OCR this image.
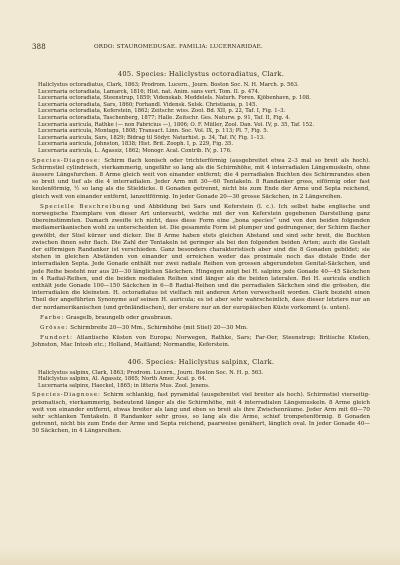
388	ORDO: STAUROMEDUSAE. FAMILIA: LUCERNARIDAE.
405. Species: Haliclystus octoradiatus, Clark.
Haliclystus octoradiatus, Clark, 1863; Prodrom. Lucern., Journ. Boston Soc. N. H. March. p. 563.
Lucernaria octoradiata, Lamarck, 1816; Hist. nat. Anim. sans vert. Tom. II. p. 474.
Lucernaria octoradiata, Steenstrup, 1859; Videnskab. Meddelels. Naturh. Foren. Kjöbenhavn, p. 108.
Lucernaria octoradiata, Sars, 1860; Forhandl. Vidensk. Selsk. Christiania, p. 145.
Lucernaria octoradiata, Keferstein, 1862; Zeitschr. wiss. Zool. Bd. XII, p. 22, Taf. I, Fig. 1–3.
Lucernaria octoradiata, Taschenberg, 1877; Halle. Zeitschr. Ges. Naturw. p. 91, Taf. II, Fig. 4.
Lucernaria auricula, Rathke (— non Fabricius —), 1806; O. F. Müller, Zool. Dan. Vol. IV, p. 35, Taf. 152.
Lucernaria auricula, Montagu, 1808; Transact. Linn. Soc. Vol. IX, p. 113; Pl. 7, Fig. 5.
Lucernaria auricula, Sars, 1829; Bidrag til Södyr. Naturhist. p. 34, Taf. IV, Fig. 1–13.
Lucernaria auricula, Johnston, 1838; Hist. Brit. Zooph. I, p. 229, Fig. 35.
Lucernaria auricula, L. Agassiz, 1862; Monogr. Acal. Contrib. IV, p. 176.

Species-Diagnose: Schirm flach konisch oder trichterförmig (ausgebreitet etwa 2–3 mal so breit als hoch). Schirmstiel cylindrisch, vierkammerig, ungefähr so lang als die Schirmhöhe, mit 4 interradialen Längsmuskeln, ohne äussere Längsfurchen. 8 Arme gleich weit von einander entfernt; die 4 perradialen Buchten des Schirmrandes eben so breit und tief als die 4 interradialen. Jeder Arm mit 30—60 Tentakeln. 8 Randanker gross, eiförmig oder fast keulenförmig, ½ so lang als die Stieldicke. 8 Gonaden getrennt, nicht bis zum Ende der Arme und Septa reichend, gleich weit von einander entfernt, lanzettförmig. In jeder Gonade 20—30 grosse Säckchen, in 2 Längsreihen.

Specielle Beschreibung und Abbildung bei Sars und Keferstein (l. c.). Ich selbst habe englische und norwegische Exemplare von dieser Art untersucht, welche mit der von Keferstein gegebenen Darstellung ganz übereinstimmten. Damach zweifle ich nicht, dass diese Form eine „bona species“ und von den beiden folgenden mediamerikanischen wohl zu unterscheiden ist. Die gesammte Form ist plumper und gedrungener, der Schirm flacher gewölbt, der Stiel kürzer und dicker. Die 8 Arme haben stets gleichen Abstand und sind sehr breit, die Buchten zwischen ihnen sehr flach. Die Zahl der Tentakeln ist geringer als bei den folgenden beiden Arten; auch die Gestalt der eiförmigen Randanker ist verschieden. Ganz besonders charakteristisch aber sind die 8 Gonaden gebildet; sie stehen in gleichen Abständen von einander und erreichen weder das proximale noch das distale Ende der interradialen Septa. Jede Gonade enthält nur zwei radiale Reihen von grossen abgerundeten Genital-Säckchen, und jede Reihe besteht nur aus 20—30 länglichen Säckchen. Hingegen zeigt bei H. salpinx jede Gonade 40—45 Säckchen in 4 Radial-Reihen, und die beiden medialen Reihen sind länger als die beiden lateralen. Bei H. auricula endlich enthält jede Gonade 100—150 Säckchen in 6—8 Radial-Reihen und die perradialen Säckchen sind die grössten, die interradialen die kleinsten. H. octoradiatus ist vielfach mit anderen Arten verwechselt worden. Clark bezieht einen Theil der angeführten Synonyme auf seinen H. auricula; es ist aber sehr wahrscheinlich, dass dieser letztere nur an der nordamerikanischen (und grönländischen), der erstere nur an der europäischen Küste vorkommt (s. unten).

Farbe: Grasgelb, braungelb oder graubraun.

Grösse: Schirmbreite 20—30 Mm., Schirmhöhe (mit Stiel) 20—30 Mm.

Fundort: Atlantische Küsten von Europa; Norwegen, Rathke, Sars; Far-Oer, Steenstrup; Britische Küsten, Johnston, Mac Intosh etc.; Holland, Maitland; Normandie, Keferstein.

406. Species: Haliclystus salpinx, Clark.
Haliclystus salpinx, Clark, 1863; Prodrom. Lucern., Journ. Boston Soc. N. H. p. 563.
Haliclystus salpinx, Al. Agassiz, 1865; North Amer. Acal. p. 64.
Lucernaria salpinx, Haeckel, 1865; in litteris Mus. Zool. Jenens.

Species-Diagnose: Schirm schlankig, fast pyramidal (ausgebreitet viel breiter als hoch). Schirmstiel vierseitig-prismatisch, vierkammerig, bedeutend länger als die Schirmhöhe, mit 4 interradialen Längsmuskeln. 8 Arme gleich weit von einander entfernt, etwas breiter als lang und eben so breit als ihre Zwischenräume. Jeder Arm mit 60—70 sehr schlanken Tentakeln. 8 Randanker sehr gross, so lang als die Arme, schief trompetenförmig. 8 Gonaden getrennt, nicht bis zum Ende der Arme und Septa reichend, paarweise genähert, länglich oval. In jeder Gonade 40—50 Säckchen, in 4 Längsreihen.
